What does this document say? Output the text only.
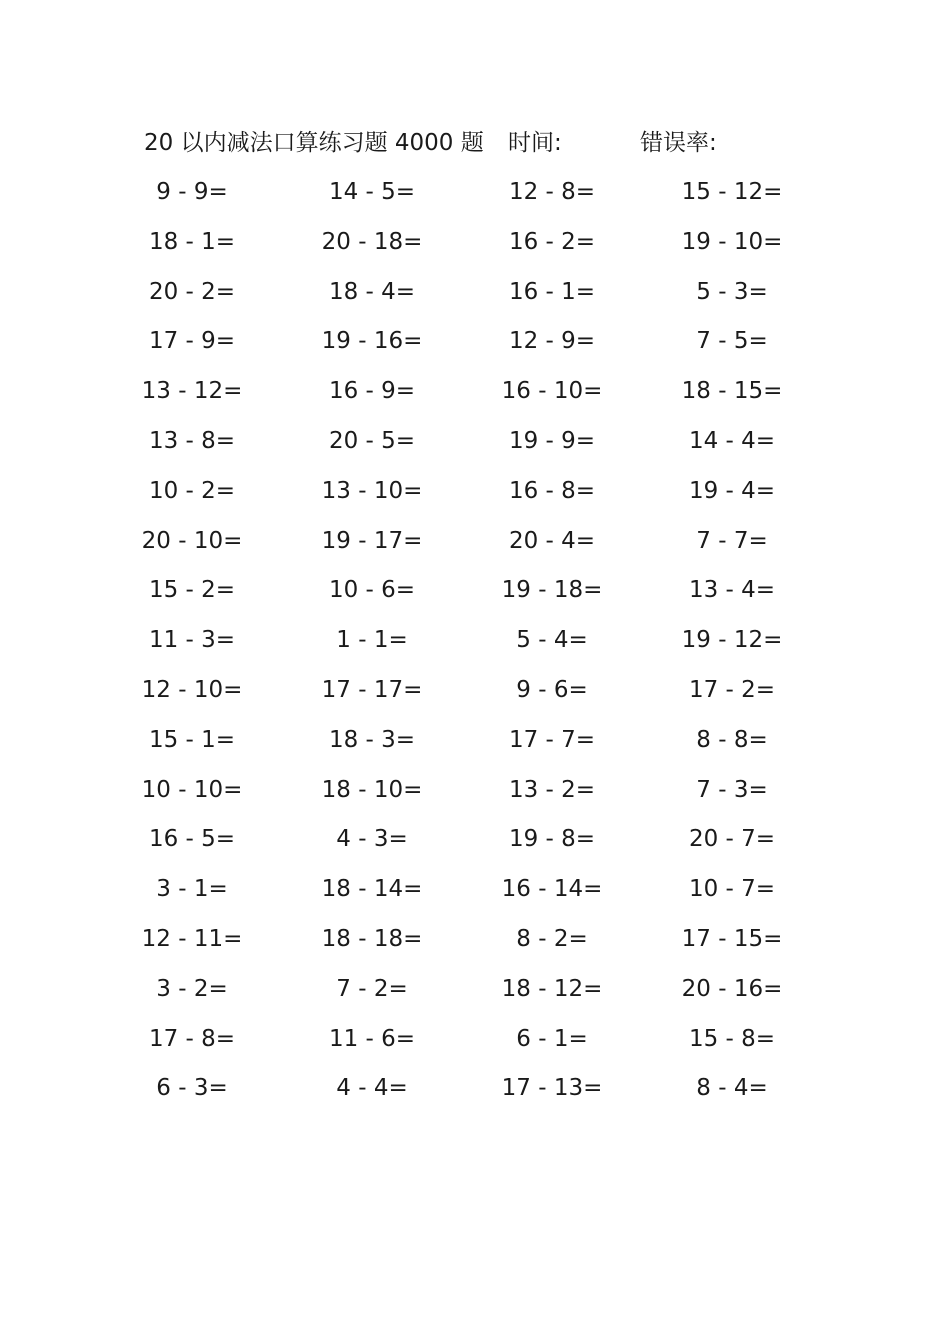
20 以内减法口算练习题 4000 题 时间:	错误率:
9 - 9=	14 - 5=	12 - 8=	15 - 12=
18 - 1=	20 - 18=	16 - 2=	19 - 10=
20 - 2=	18 - 4=	16 - 1=	5 - 3=
17 - 9=	19 - 16=	12 - 9=	7 - 5=
13 - 12=	16 - 9=	16 - 10=	18 - 15=
13 - 8=	20 - 5=	19 - 9=	14 - 4=
10 - 2=	13 - 10=	16 - 8=	19 - 4=
20 - 10=	19 - 17=	20 - 4=	7 - 7=
15 - 2=	10 - 6=	19 - 18=	13 - 4=
11 - 3=	1 - 1=	5 - 4=	19 - 12=
12 - 10=	17 - 17=	9 - 6=	17 - 2=
15 - 1=	18 - 3=	17 - 7=	8 - 8=
10 - 10=	18 - 10=	13 - 2=	7 - 3=
16 - 5=	4 - 3=	19 - 8=	20 - 7=
3 - 1=	18 - 14=	16 - 14=	10 - 7=
12 - 11=	18 - 18=	8 - 2=	17 - 15=
3 - 2=	7 - 2=	18 - 12=	20 - 16=
17 - 8=	11 - 6=	6 - 1=	15 - 8=
6 - 3=	4 - 4=	17 - 13=	8 - 4=
